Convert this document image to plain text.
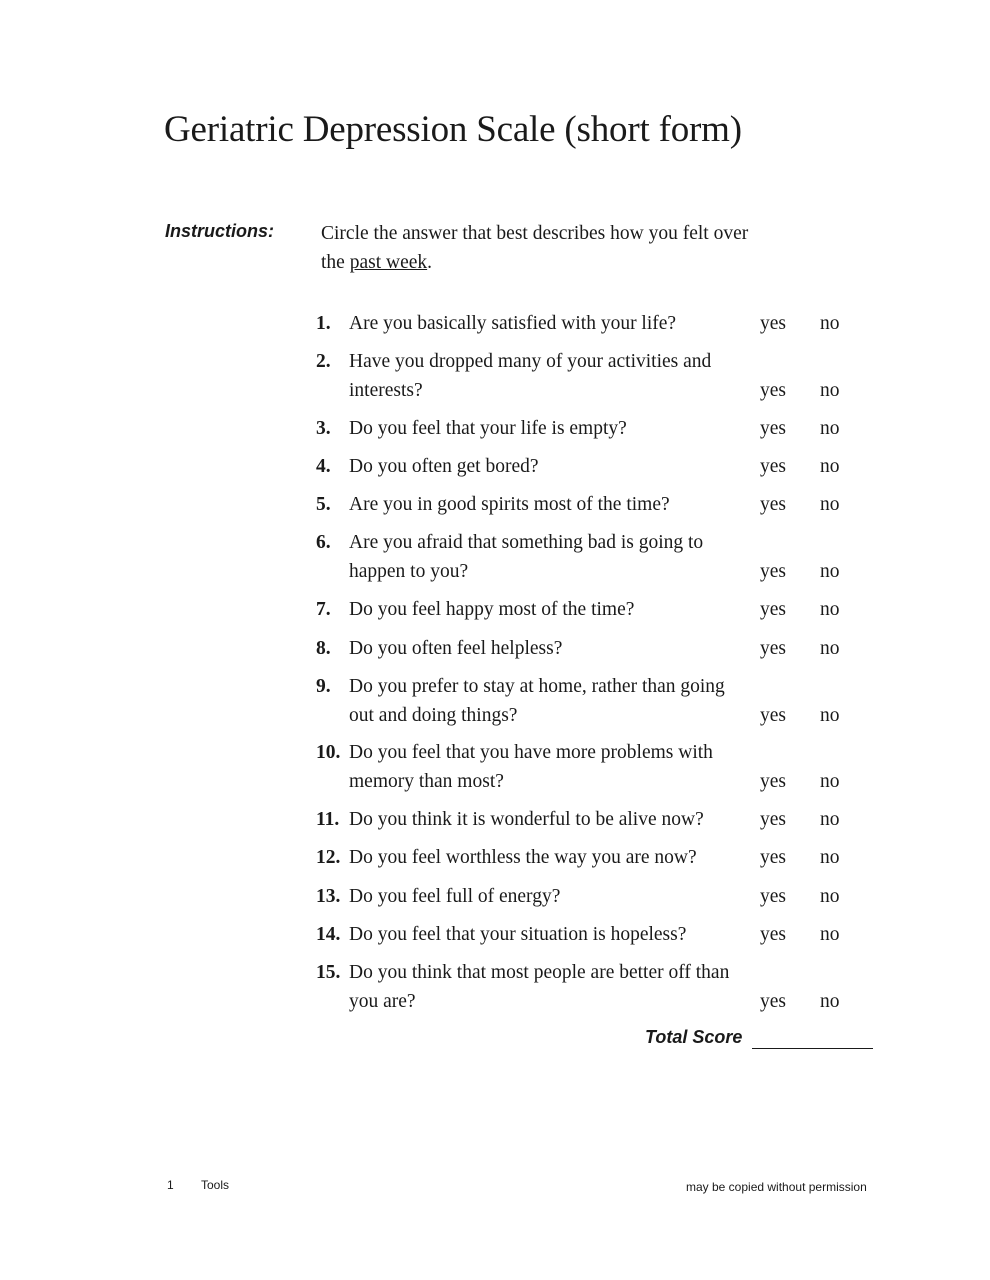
Geriatric Depression Scale (short form)
Instructions: Circle the answer that best describes how you felt over the past week.
1. Are you basically satisfied with your life?	yes no
2. Have you dropped many of your activities and interests?	yes no
3. Do you feel that your life is empty?	yes no
4. Do you often get bored?	yes no
5. Are you in good spirits most of the time?	yes no
6. Are you afraid that something bad is going to happen to you?	yes no
7. Do you feel happy most of the time?	yes no
8. Do you often feel helpless?	yes no
9. Do you prefer to stay at home, rather than going out and doing things?	yes no
10. Do you feel that you have more problems with memory than most?	yes no
11. Do you think it is wonderful to be alive now?	yes no
12. Do you feel worthless the way you are now?	yes no
13. Do you feel full of energy?	yes no
14. Do you feel that your situation is hopeless?	yes no
15. Do you think that most people are better off than you are?	yes no
Total Score
1 Tools	may be copied without permission
